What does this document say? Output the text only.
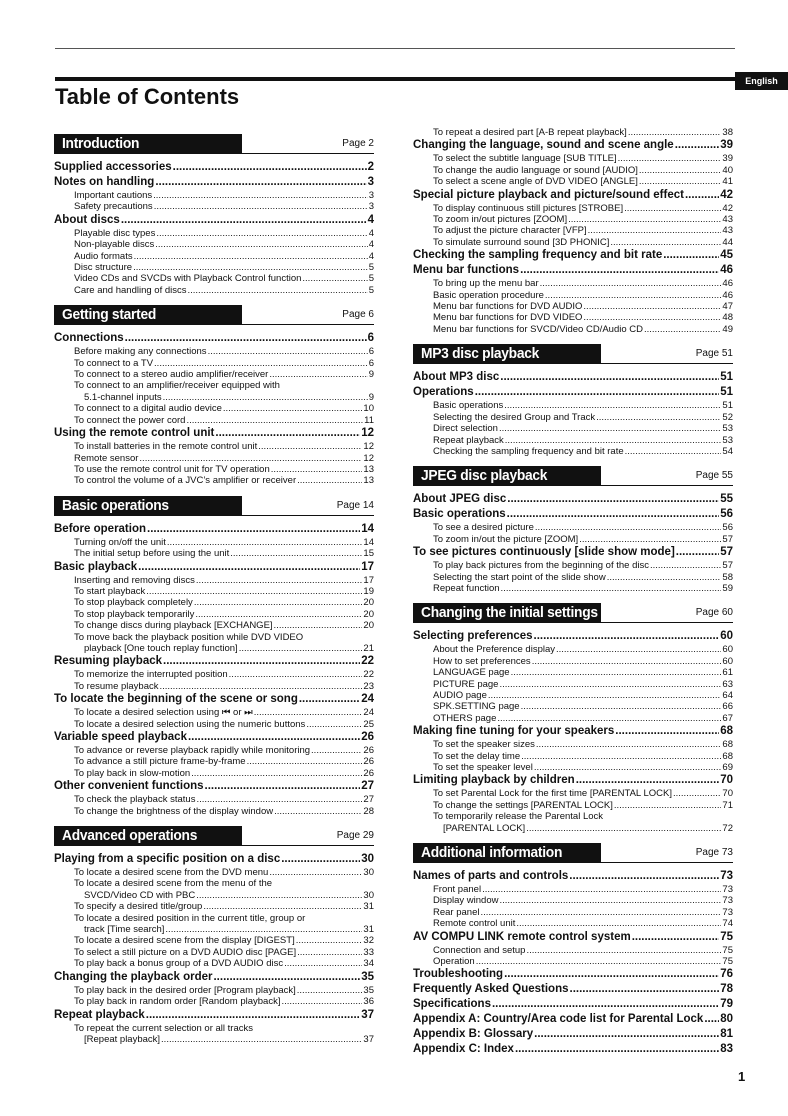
English
Table of Contents
Introduction	Page 2
Supplied accessories .....	2
Notes on handling .....	3
Important cautions .....	3
Safety precautions .....	3
About discs .....	4
Playable disc types .....	4
Non-playable discs .....	4
Audio formats .....	4
Disc structure .....	5
Video CDs and SVCDs with Playback Control function .....	5
Care and handling of discs .....	5
Getting started	Page 6
Connections .....	6
Before making any connections .....	6
To connect to a TV .....	6
To connect to a stereo audio amplifier/receiver .....	9
To connect to an amplifier/receiver equipped with
5.1-channel inputs .....	9
To connect to a digital audio device .....	10
To connect the power cord .....	11
Using the remote control unit .....	12
To install batteries in the remote control unit .....	12
Remote sensor .....	12
To use the remote control unit for TV operation .....	13
To control the volume of a JVC’s amplifier or receiver .....	13
Basic operations	Page 14
Before operation .....	14
Turning on/off the unit .....	14
The initial setup before using the unit .....	15
Basic playback .....	17
Inserting and removing discs .....	17
To start playback .....	19
To stop playback completely .....	20
To stop playback temporarily .....	20
To change discs during playback [EXCHANGE] .....	20
To move back the playback position while DVD VIDEO
playback [One touch replay function] .....	21
Resuming playback .....	22
To memorize the interrupted position .....	22
To resume playback .....	23
To locate the beginning of the scene or song .....	24
To locate a desired selection using ⏮ or ⏭ .....	24
To locate a desired selection using the numeric buttons .....	25
Variable speed playback .....	26
To advance or reverse playback rapidly while monitoring .....	26
To advance a still picture frame-by-frame .....	26
To play back in slow-motion .....	26
Other convenient functions .....	27
To check the playback status .....	27
To change the brightness of the display window .....	28
Advanced operations	Page 29
Playing from a specific position on a disc .....	30
To locate a desired scene from the DVD menu .....	30
To locate a desired scene from the menu of the
SVCD/Video CD with PBC .....	30
To specify a desired title/group .....	31
To locate a desired position in the current title, group or
track [Time search] .....	31
To locate a desired scene from the display [DIGEST] .....	32
To select a still picture on a DVD AUDIO disc [PAGE] .....	33
To play back a bonus group of a DVD AUDIO disc .....	34
Changing the playback order .....	35
To play back in the desired order [Program playback] .....	35
To play back in random order [Random playback] .....	36
Repeat playback .....	37
To repeat the current selection or all tracks
[Repeat playback] .....	37
To repeat a desired part [A-B repeat playback] .....	38
Changing the language, sound and scene angle .....	39
To select the subtitle language [SUB TITLE] .....	39
To change the audio language or sound [AUDIO] .....	40
To select a scene angle of DVD VIDEO [ANGLE] .....	41
Special picture playback and picture/sound effect .....	42
To display continuous still pictures [STROBE] .....	42
To zoom in/out pictures [ZOOM] .....	43
To adjust the picture character [VFP] .....	43
To simulate surround sound [3D PHONIC] .....	44
Checking the sampling frequency and bit rate .....	45
Menu bar functions .....	46
To bring up the menu bar .....	46
Basic operation procedure .....	46
Menu bar functions for DVD AUDIO .....	47
Menu bar functions for DVD VIDEO .....	48
Menu bar functions for SVCD/Video CD/Audio CD .....	49
MP3 disc playback	Page 51
About MP3 disc .....	51
Operations .....	51
Basic operations .....	51
Selecting the desired Group and Track .....	52
Direct selection .....	53
Repeat playback .....	53
Checking the sampling frequency and bit rate .....	54
JPEG disc playback	Page 55
About JPEG disc .....	55
Basic operations .....	56
To see a desired picture .....	56
To zoom in/out the picture [ZOOM] .....	57
To see pictures continuously [slide show mode] .....	57
To play back pictures from the beginning of the disc .....	57
Selecting the start point of the slide show .....	58
Repeat function .....	59
Changing the initial settings	Page 60
Selecting preferences .....	60
About the Preference display .....	60
How to set preferences .....	60
LANGUAGE page .....	61
PICTURE page .....	63
AUDIO page .....	64
SPK.SETTING page .....	66
OTHERS page .....	67
Making fine tuning for your speakers .....	68
To set the speaker sizes .....	68
To set the delay time .....	68
To set the speaker level .....	69
Limiting playback by children .....	70
To set Parental Lock for the first time [PARENTAL LOCK] .....	70
To change the settings [PARENTAL LOCK] .....	71
To temporarily release the Parental Lock
[PARENTAL LOCK] .....	72
Additional information	Page 73
Names of parts and controls .....	73
Front panel .....	73
Display window .....	73
Rear panel .....	73
Remote control unit .....	74
AV COMPU LINK remote control system .....	75
Connection and setup .....	75
Operation .....	75
Troubleshooting .....	76
Frequently Asked Questions .....	78
Specifications .....	79
Appendix A: Country/Area code list for Parental Lock ..... 80
Appendix B: Glossary .....	81
Appendix C: Index .....	83
1
